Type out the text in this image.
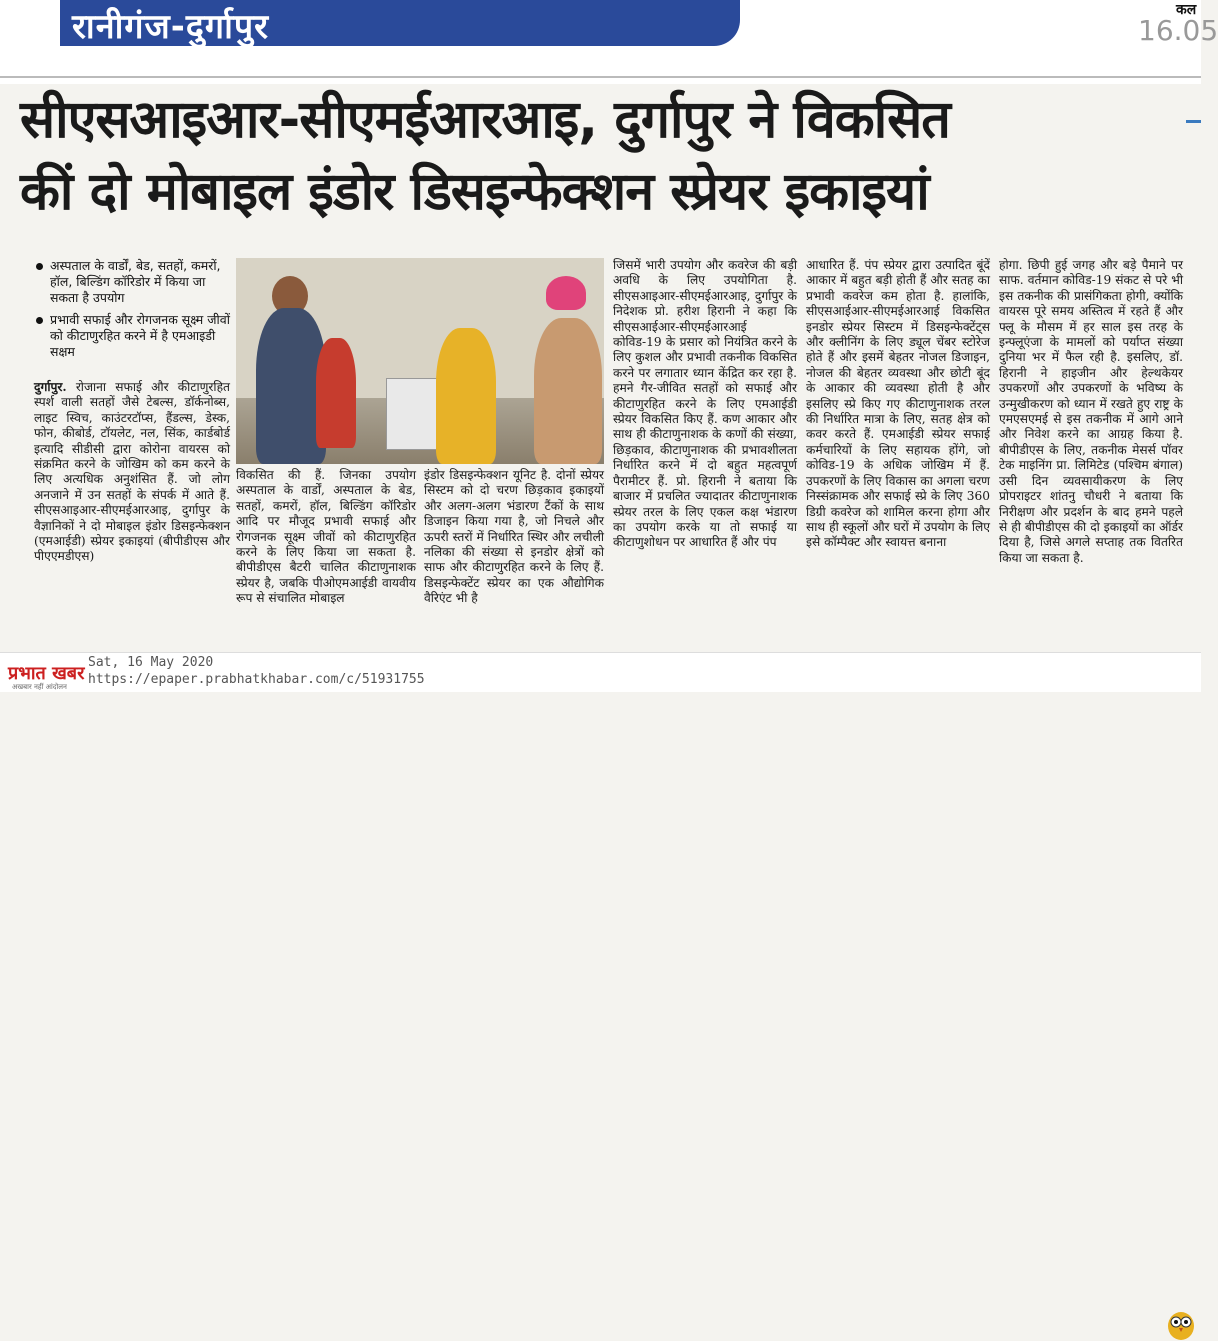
रानीगंज-दुर्गापुर	कल
16.05
सीएसआइआर-सीएमईआरआइ, दुर्गापुर ने विकसित
कीं दो मोबाइल इंडोर डिसइन्फेक्शन स्प्रेयर इकाइयां
अस्पताल के वार्डों, बेड, सतहों, कमरों, हॉल, बिल्डिंग कॉरिडोर में किया जा सकता है उपयोग
प्रभावी सफाई और रोगजनक सूक्ष्म जीवों को कीटाणुरहित करने में है एमआइडी सक्षम
दुर्गापुर. रोजाना सफाई और कीटाणुरहित स्पर्श वाली सतहों जैसे टेबल्स, डॉर्कनोब्स, लाइट स्विच, काउंटरटॉप्स, हैंडल्स, डेस्क, फोन, कीबोर्ड, टॉयलेट, नल, सिंक, कार्डबोर्ड इत्यादि सीडीसी द्वारा कोरोना वायरस को संक्रमित करने के जोखिम को कम करने के लिए अत्यधिक अनुशंसित हैं. जो लोग अनजाने में उन सतहों के संपर्क में आते हैं. सीएसआइआर-सीएमईआरआइ, दुर्गापुर के वैज्ञानिकों ने दो मोबाइल इंडोर डिसइन्फेक्शन (एमआईडी) स्प्रेयर इकाइयां (बीपीडीएस और पीएएमडीएस)
विकसित की हैं. जिनका उपयोग अस्पताल के वार्डों, अस्पताल के बेड, सतहों, कमरों, हॉल, बिल्डिंग कॉरिडोर आदि पर मौजूद प्रभावी सफाई और रोगजनक सूक्ष्म जीवों को कीटाणुरहित करने के लिए किया जा सकता है. बीपीडीएस बैटरी चालित कीटाणुनाशक स्प्रेयर है, जबकि पीओएमआईडी वायवीय रूप से संचालित मोबाइल
इंडोर डिसइन्फेक्शन यूनिट है. दोनों स्प्रेयर सिस्टम को दो चरण छिड़काव इकाइयों और अलग-अलग भंडारण टैंकों के साथ डिजाइन किया गया है, जो निचले और ऊपरी स्तरों में निर्धारित स्थिर और लचीली नलिका की संख्या से इनडोर क्षेत्रों को साफ और कीटाणुरहित करने के लिए हैं. डिसइन्फेक्टेंट स्प्रेयर का एक औद्योगिक वैरिएंट भी है
जिसमें भारी उपयोग और कवरेज की बड़ी अवधि के लिए उपयोगिता है. सीएसआइआर-सीएमईआरआइ, दुर्गापुर के निदेशक प्रो. हरीश हिरानी ने कहा कि सीएसआईआर-सीएमईआरआई कोविड-19 के प्रसार को नियंत्रित करने के लिए कुशल और प्रभावी तकनीक विकसित करने पर लगातार ध्यान केंद्रित कर रहा है. हमने गैर-जीवित सतहों को सफाई और कीटाणुरहित करने के लिए एमआईडी स्प्रेयर विकसित किए हैं. कण आकार और साथ ही कीटाणुनाशक के कणों की संख्या, छिड़काव, कीटाणुनाशक की प्रभावशीलता निर्धारित करने में दो बहुत महत्वपूर्ण पैरामीटर हैं. प्रो. हिरानी ने बताया कि बाजार में प्रचलित ज्यादातर कीटाणुनाशक स्प्रेयर तरल के लिए एकल कक्ष भंडारण का उपयोग करके या तो सफाई या कीटाणुशोधन पर आधारित हैं और पंप
आधारित हैं. पंप स्प्रेयर द्वारा उत्पादित बूंदें आकार में बहुत बड़ी होती हैं और सतह का प्रभावी कवरेज कम होता है. हालांकि, सीएसआईआर-सीएमईआरआई विकसित इनडोर स्प्रेयर सिस्टम में डिसइन्फेक्टेंट्स और क्लीनिंग के लिए ड्यूल चेंबर स्टोरेज होते हैं और इसमें बेहतर नोजल डिजाइन, नोजल की बेहतर व्यवस्था और छोटी बूंद के आकार की व्यवस्था होती है और इसलिए स्प्रे किए गए कीटाणुनाशक तरल की निर्धारित मात्रा के लिए, सतह क्षेत्र को कवर करते हैं. एमआईडी स्प्रेयर सफाई कर्मचारियों के लिए सहायक होंगे, जो कोविड-19 के अधिक जोखिम में हैं. उपकरणों के लिए विकास का अगला चरण निस्संक्रामक और सफाई स्प्रे के लिए 360 डिग्री कवरेज को शामिल करना होगा और साथ ही स्कूलों और घरों में उपयोग के लिए इसे कॉम्पैक्ट और स्वायत्त बनाना
होगा. छिपी हुई जगह और बड़े पैमाने पर साफ. वर्तमान कोविड-19 संकट से परे भी इस तकनीक की प्रासंगिकता होगी, क्योंकि वायरस पूरे समय अस्तित्व में रहते हैं और फ्लू के मौसम में हर साल इस तरह के इन्फ्लूएंजा के मामलों को पर्याप्त संख्या दुनिया भर में फैल रही है. इसलिए, डॉ. हिरानी ने हाइजीन और हेल्थकेयर उपकरणों और उपकरणों के भविष्य के उन्मुखीकरण को ध्यान में रखते हुए राष्ट्र के एमएसएमई से इस तकनीक में आगे आने और निवेश करने का आग्रह किया है. बीपीडीएस के लिए, तकनीक मेसर्स पॉवर टेक माइनिंग प्रा. लिमिटेड (पश्चिम बंगाल) उसी दिन व्यवसायीकरण के लिए प्रोपराइटर शांतनु चौधरी ने बताया कि निरीक्षण और प्रदर्शन के बाद हमने पहले से ही बीपीडीएस की दो इकाइयों का ऑर्डर दिया है, जिसे अगले सप्ताह तक वितरित किया जा सकता है.
प्रभात खबर
अखबार नहीं आंदोलन
Sat, 16 May 2020
https://epaper.prabhatkhabar.com/c/51931755
